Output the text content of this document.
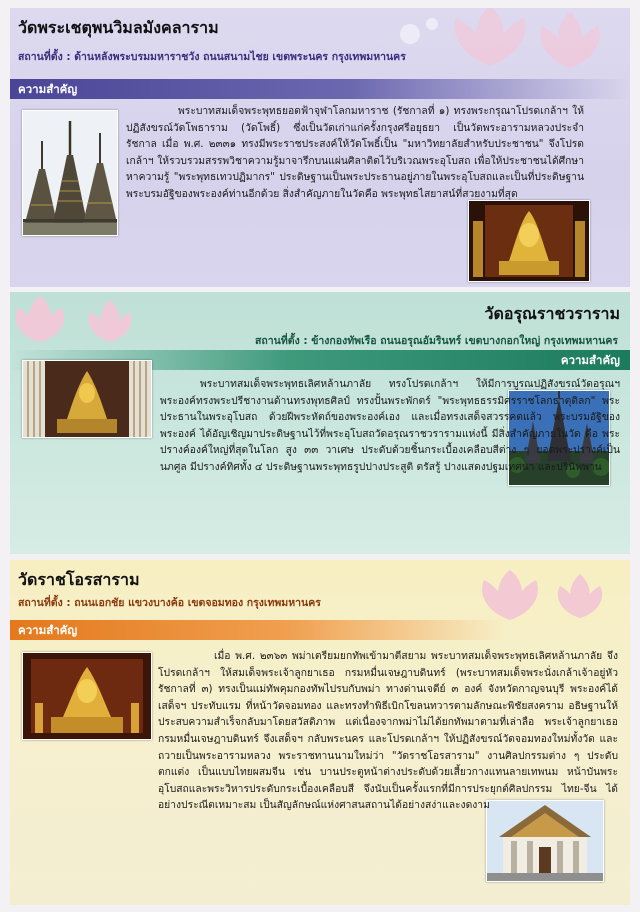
วัดพระเชตุพนวิมลมังคลาราม
สถานที่ตั้ง : ด้านหลังพระบรมมหาราชวัง ถนนสนามไชย เขตพระนคร กรุงเทพมหานคร
ความสำคัญ
พระบาทสมเด็จพระพุทธยอดฟ้าจุฬาโลกมหาราช (รัชกาลที่ ๑) ทรงพระกรุณาโปรดเกล้าฯ ให้ปฏิสังขรณ์วัดโพธาราม (วัดโพธิ์) ซึ่งเป็นวัดเก่าแก่ครั้งกรุงศรีอยุธยา เป็นวัดพระอารามหลวงประจำรัชกาล เมื่อ พ.ศ. ๒๓๓๑ ทรงมีพระราชประสงค์ให้วัดโพธิ์เป็น "มหาวิทยาลัยสำหรับประชาชน" จึงโปรดเกล้าฯ ให้รวบรวมสรรพวิชาความรู้มาจารึกบนแผ่นศิลาติดไว้บริเวณพระอุโบสถ เพื่อให้ประชาชนได้ศึกษาหาความรู้ "พระพุทธเทวปฏิมากร" ประดิษฐานเป็นพระประธานอยู่ภายในพระอุโบสถและเป็นที่ประดิษฐานพระบรมอัฐิของพระองค์ท่านอีกด้วย สิ่งสำคัญภายในวัดคือ พระพุทธไสยาสน์ที่สวยงามที่สุด
วัดอรุณราชวราราม
สถานที่ตั้ง : ข้างกองทัพเรือ ถนนอรุณอัมรินทร์ เขตบางกอกใหญ่ กรุงเทพมหานคร
ความสำคัญ
พระบาทสมเด็จพระพุทธเลิศหล้านภาลัย ทรงโปรดเกล้าฯ ให้มีการบูรณปฏิสังขรณ์วัดอรุณฯ พระองค์ทรงพระปรีชางานด้านทรงพุทธศิลป์ ทรงปั้นพระพักตร์ "พระพุทธธรรมิศรราชโลกธาตุดิลก" พระประธานในพระอุโบสถ ด้วยฝีพระหัตถ์ของพระองค์เอง และเมื่อทรงเสด็จสวรรคตแล้ว พระบรมอัฐิของพระองค์ ได้อัญเชิญมาประดิษฐานไว้ที่พระอุโบสถวัดอรุณราชวรารามแห่งนี้ มีสิ่งสำคัญภายในวัด คือ พระปรางค์องค์ใหญ่ที่สุดในโลก สูง ๓๓ วาเศษ ประดับด้วยชิ้นกระเบื้องเคลือบสีต่าง ๆ ยอดพระปรางค์เป็นนภศูล มีปรางค์ทิศทั้ง ๔ ประดิษฐานพระพุทธรูปปางประสูติ ตรัสรู้ ปางแสดงปฐมเทศนา และปรินิพพาน
วัดราชโอรสาราม
สถานที่ตั้ง : ถนนเอกชัย แขวงบางค้อ เขตจอมทอง กรุงเทพมหานคร
ความสำคัญ
เมื่อ พ.ศ. ๒๓๖๓ พม่าเตรียมยกทัพเข้ามาตีสยาม พระบาทสมเด็จพระพุทธเลิศหล้านภาลัย จึงโปรดเกล้าฯ ให้สมเด็จพระเจ้าลูกยาเธอ กรมหมื่นเจษฎาบดินทร์ (พระบาทสมเด็จพระนั่งเกล้าเจ้าอยู่หัว รัชกาลที่ ๓) ทรงเป็นแม่ทัพคุมกองทัพไปรบกับพม่า ทางด่านเจดีย์ ๓ องค์ จังหวัดกาญจนบุรี พระองค์ได้เสด็จฯ ประทับแรม ที่หน้าวัดจอมทอง และทรงทำพิธีเบิกโขลนทวารตามลักษณะพิชัยสงคราม อธิษฐานให้ประสบความสำเร็จกลับมาโดยสวัสดิภาพ แต่เนื่องจากพม่าไม่ได้ยกทัพมาตามที่เล่าลือ พระเจ้าลูกยาเธอ กรมหมื่นเจษฎาบดินทร์ จึงเสด็จฯ กลับพระนคร และโปรดเกล้าฯ ให้ปฏิสังขรณ์วัดจอมทองใหม่ทั้งวัด และถวายเป็นพระอารามหลวง พระราชทานนามใหม่ว่า "วัดราชโอรสาราม" งานศิลปกรรมต่าง ๆ ประดับตกแต่ง เป็นแบบไทยผสมจีน เช่น บานประตูหน้าต่างประดับด้วยเสี้ยวกางแทนลายเทพนม หน้าบันพระอุโบสถและพระวิหารประดับกระเบื้องเคลือบสี จึงนับเป็นครั้งแรกที่มีการประยุกต์ศิลปกรรม ไทย-จีน ได้อย่างประณีตเหมาะสม เป็นสัญลักษณ์แห่งศาสนสถานได้อย่างสง่าและงดงาม
